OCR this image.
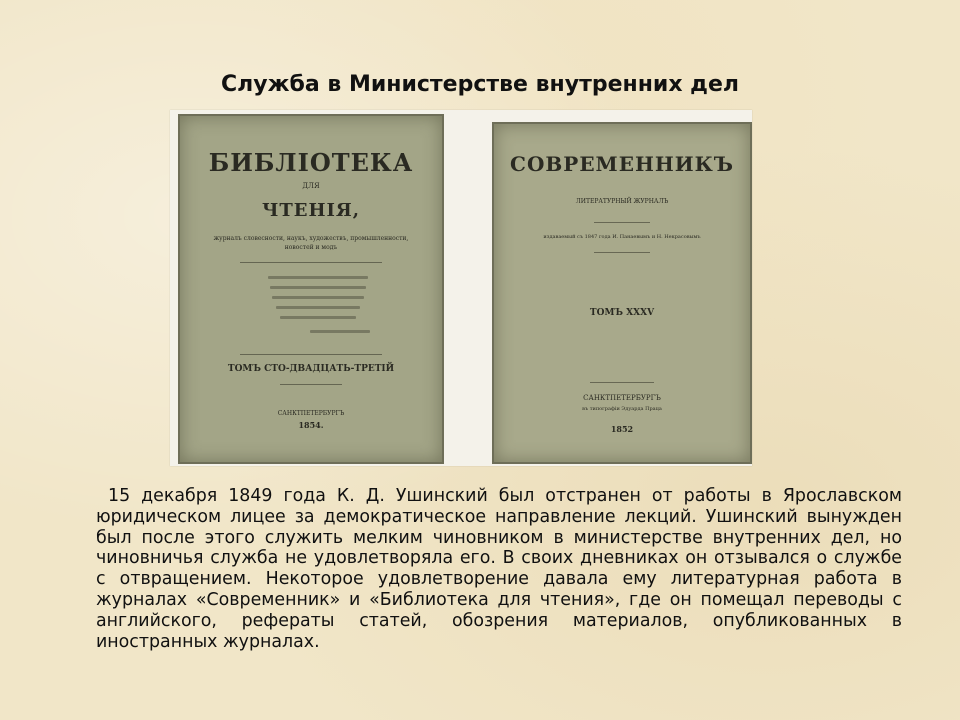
Служба в Министерстве внутренних дел
БИБЛІОТЕКА
ДЛЯ
ЧТЕНІЯ,
журналъ словесности, наукъ, художествъ, промышленности, новостей и модъ
ТОМЪ СТО-ДВАДЦАТЬ-ТРЕТІЙ
САНКТПЕТЕРБУРГЪ
1854.
СОВРЕМЕННИКЪ
ЛИТЕРАТУРНЫЙ ЖУРНАЛЪ
издаваемый съ 1847 года И. Панаевымъ и Н. Некрасовымъ
ТОМЪ XXXV
САНКТПЕТЕРБУРГЪ
въ типографіи Эдуарда Праца
1852

15 декабря 1849 года К. Д. Ушинский был отстранен от работы в Ярославском юридическом лицее за демократическое направление лекций. Ушинский вынужден был после этого служить мелким чиновником в министерстве внутренних дел, но чиновничья служба не удовлетворяла его. В своих дневниках он отзывался о службе с отвращением. Некоторое удовлетворение давала ему литературная работа в журналах «Современник» и «Библиотека для чтения», где он помещал переводы с английского, рефераты статей, обозрения материалов, опубликованных в иностранных журналах.
